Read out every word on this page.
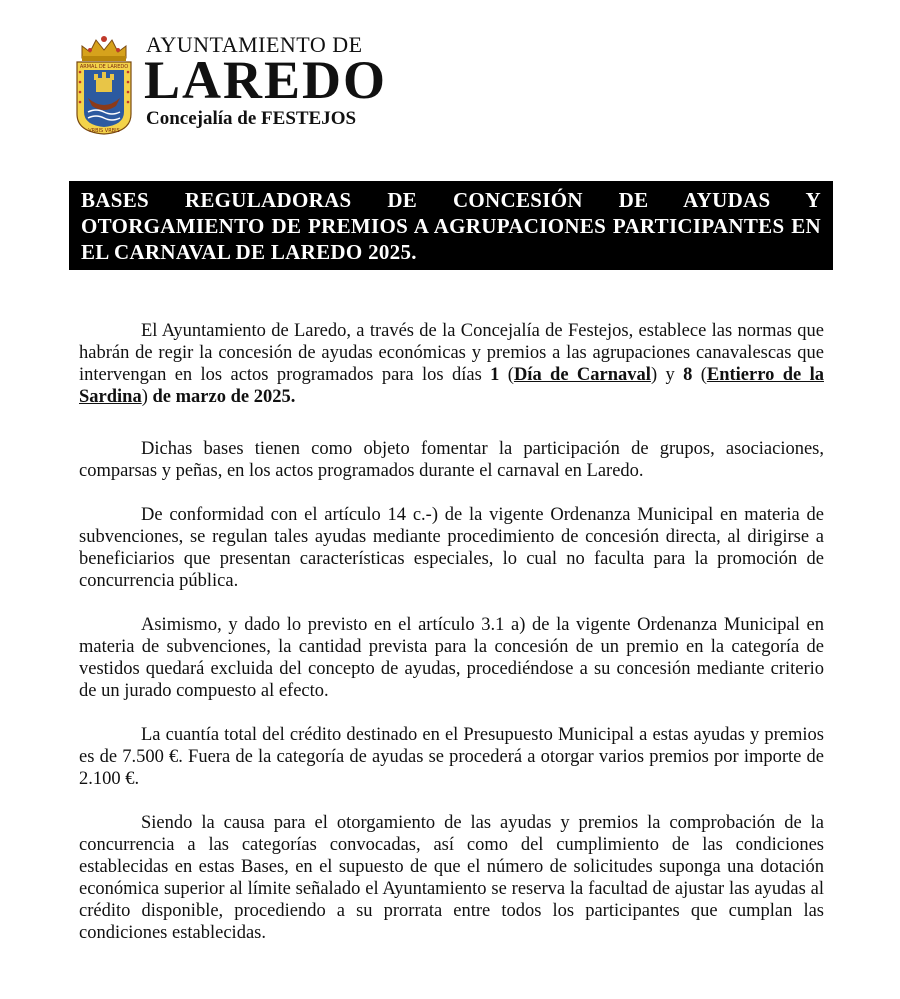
ARMAL DE LAREDO
VRBIS VRBIS
AYUNTAMIENTO DE
LAREDO
Concejalía de FESTEJOS
BASES REGULADORAS DE CONCESIÓN DE AYUDAS Y OTORGAMIENTO DE PREMIOS A AGRUPACIONES PARTICIPANTES EN EL CARNAVAL DE LAREDO 2025.

El Ayuntamiento de Laredo, a través de la Concejalía de Festejos, establece las normas que habrán de regir la concesión de ayudas económicas y premios a las agrupaciones canavalescas que intervengan en los actos programados para los días 1 (Día de Carnaval) y 8 (Entierro de la Sardina) de marzo de 2025.

Dichas bases tienen como objeto fomentar la participación de grupos, asociaciones, comparsas y peñas, en los actos programados durante el carnaval en Laredo.

De conformidad con el artículo 14 c.-) de la vigente Ordenanza Municipal en materia de subvenciones, se regulan tales ayudas mediante procedimiento de concesión directa, al dirigirse a beneficiarios que presentan características especiales, lo cual no faculta para la promoción de concurrencia pública.

Asimismo, y dado lo previsto en el artículo 3.1 a) de la vigente Ordenanza Municipal en materia de subvenciones, la cantidad prevista para la concesión de un premio en la categoría de vestidos quedará excluida del concepto de ayudas, procediéndose a su concesión mediante criterio de un jurado compuesto al efecto.

La cuantía total del crédito destinado en el Presupuesto Municipal a estas ayudas y premios es de 7.500 €. Fuera de la categoría de ayudas se procederá a otorgar varios premios por importe de 2.100 €.

Siendo la causa para el otorgamiento de las ayudas y premios la comprobación de la concurrencia a las categorías convocadas, así como del cumplimiento de las condiciones establecidas en estas Bases, en el supuesto de que el número de solicitudes suponga una dotación económica superior al límite señalado el Ayuntamiento se reserva la facultad de ajustar las ayudas al crédito disponible, procediendo a su prorrata entre todos los participantes que cumplan las condiciones establecidas.
